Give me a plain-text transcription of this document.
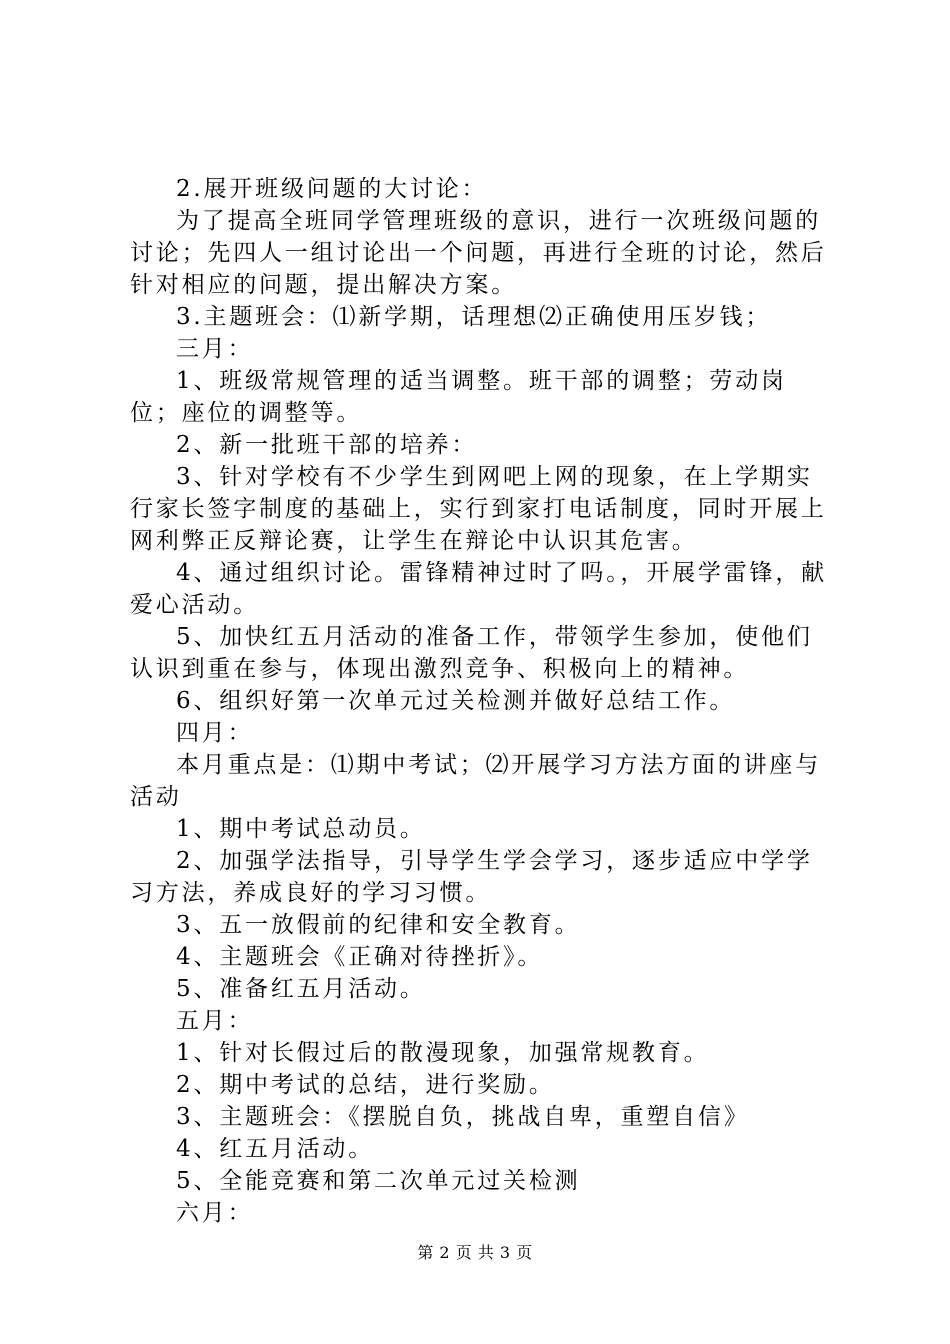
2.展开班级问题的大讨论：

为了提高全班同学管理班级的意识，进行一次班级问题的讨论；先四人一组讨论出一个问题，再进行全班的讨论，然后针对相应的问题，提出解决方案。

3.主题班会：⑴新学期，话理想⑵正确使用压岁钱；

三月：

1、班级常规管理的适当调整。班干部的调整；劳动岗位；座位的调整等。

2、新一批班干部的培养：

3、针对学校有不少学生到网吧上网的现象，在上学期实行家长签字制度的基础上，实行到家打电话制度，同时开展上网利弊正反辩论赛，让学生在辩论中认识其危害。

4、通过组织讨论。雷锋精神过时了吗。，开展学雷锋，献爱心活动。

5、加快红五月活动的准备工作，带领学生参加，使他们认识到重在参与，体现出激烈竞争、积极向上的精神。

6、组织好第一次单元过关检测并做好总结工作。

四月：

本月重点是：⑴期中考试；⑵开展学习方法方面的讲座与活动

1、期中考试总动员。

2、加强学法指导，引导学生学会学习，逐步适应中学学习方法，养成良好的学习习惯。

3、五一放假前的纪律和安全教育。

4、主题班会《正确对待挫折》。

5、准备红五月活动。

五月：

1、针对长假过后的散漫现象，加强常规教育。

2、期中考试的总结，进行奖励。

3、主题班会：《摆脱自负，挑战自卑，重塑自信》

4、红五月活动。

5、全能竞赛和第二次单元过关检测

六月：

第 2 页 共 3 页
